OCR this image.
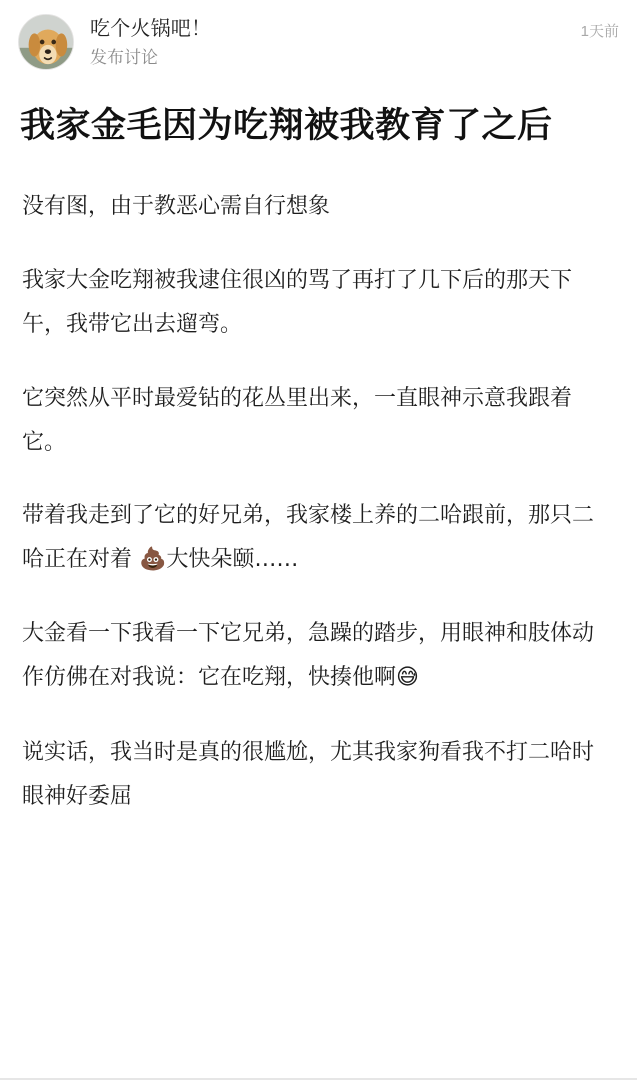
吃个火锅吧！
发布讨论
1天前
我家金毛因为吃翔被我教育了之后

没有图，由于教恶心需自行想象

我家大金吃翔被我逮住很凶的骂了再打了几下后的那天下午，我带它出去遛弯。

它突然从平时最爱钻的花丛里出来，一直眼神示意我跟着它。

带着我走到了它的好兄弟，我家楼上养的二哈跟前，那只二哈正在对着 💩大快朵颐……

大金看一下我看一下它兄弟，急躁的踏步，用眼神和肢体动作仿佛在对我说：它在吃翔，快揍他啊😅

说实话，我当时是真的很尴尬，尤其我家狗看我不打二哈时眼神好委屈
